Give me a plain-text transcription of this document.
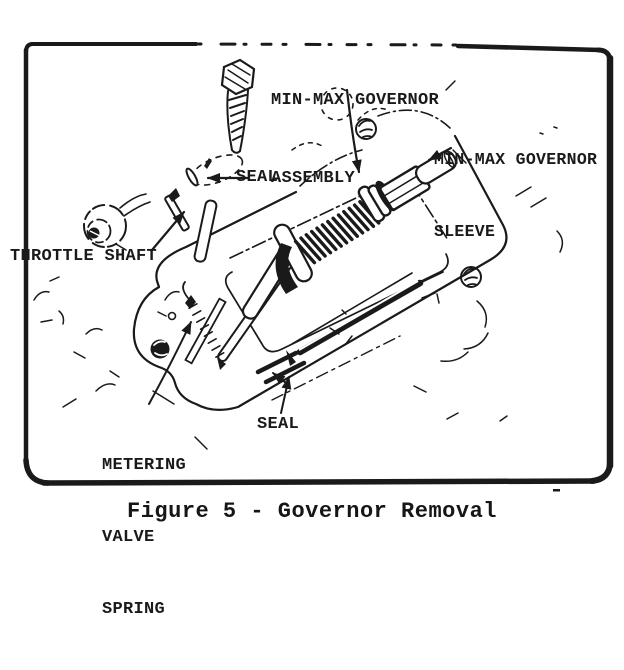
MIN-MAX GOVERNOR

ASSEMBLY

MIN-MAX GOVERNOR

SLEEVE

SEAL
THROTTLE SHAFT

METERING

VALVE

SPRING

SEAL
Figure 5 - Governor Removal
